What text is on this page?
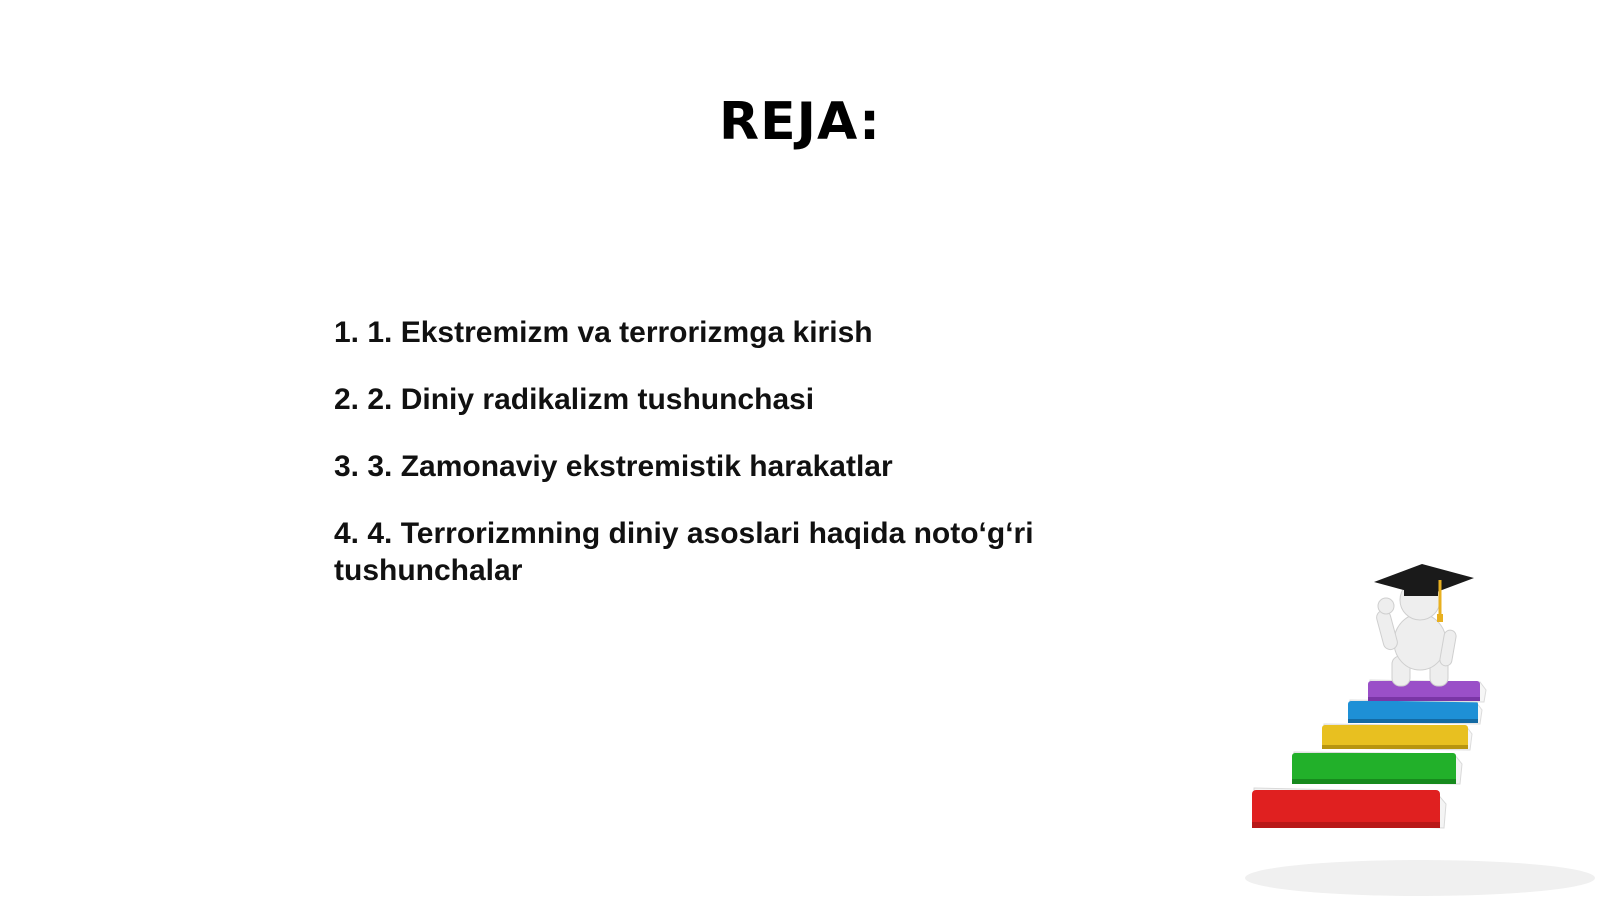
REJA:
1. 1. Ekstremizm va terrorizmga kirish
2. 2. Diniy radikalizm tushunchasi
3. 3. Zamonaviy ekstremistik harakatlar
4. 4. Terrorizmning diniy asoslari haqida noto‘g‘ri tushunchalar
